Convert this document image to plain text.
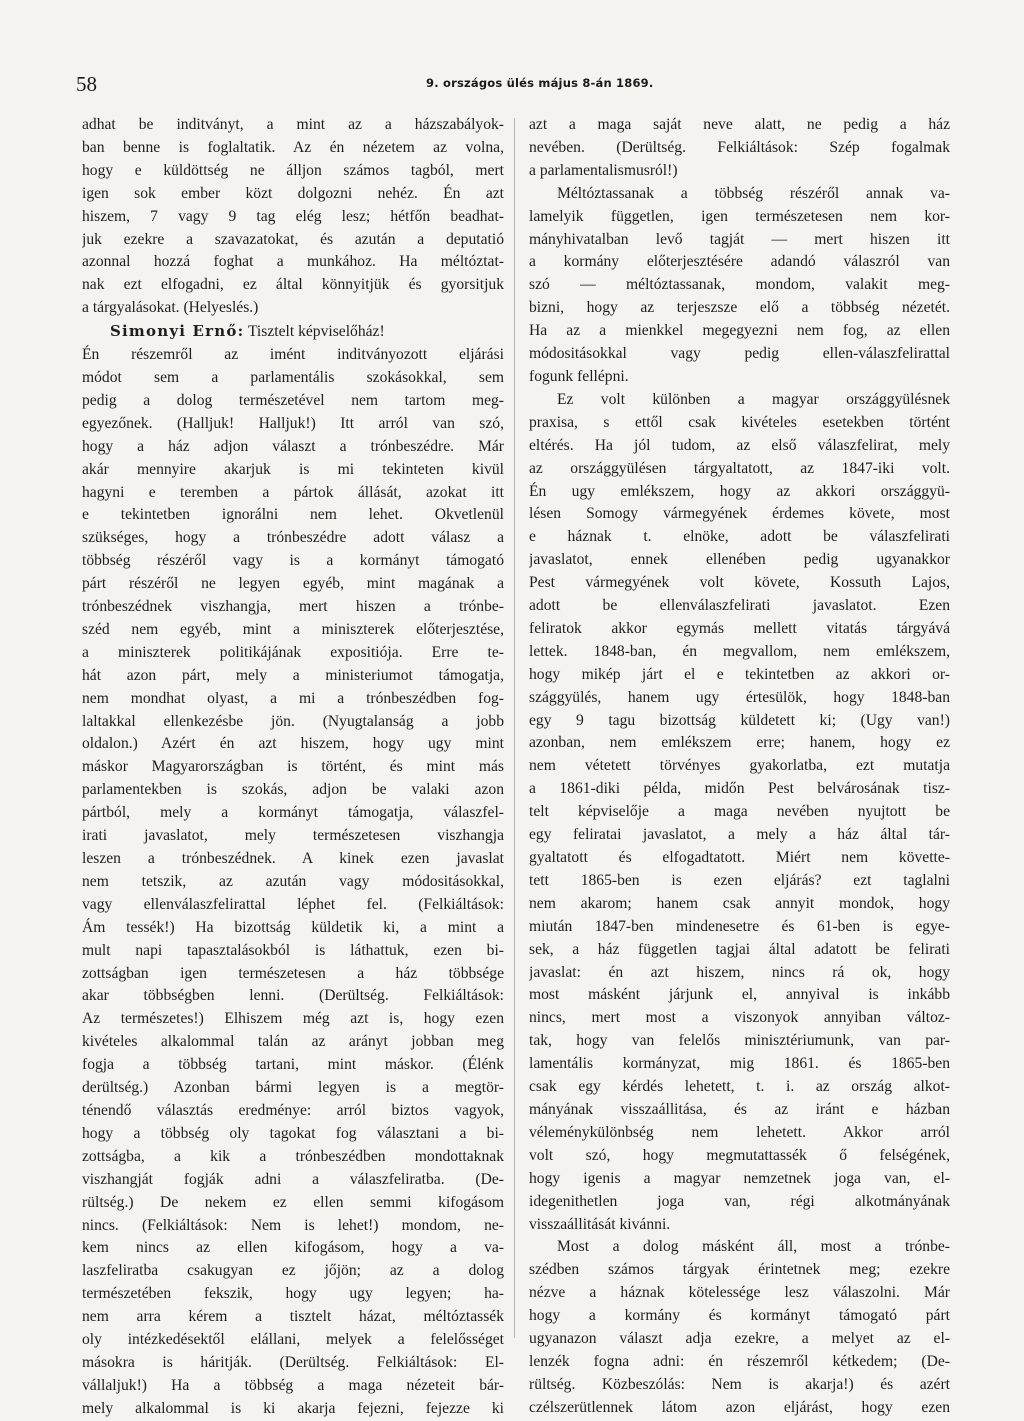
58	9. országos ülés május 8-án 1869.
adhat be inditványt, a mint az a házszabályok-
ban benne is foglaltatik. Az én nézetem az volna,
hogy e küldöttség ne álljon számos tagból, mert
igen sok ember közt dolgozni nehéz. Én azt
hiszem, 7 vagy 9 tag elég lesz; hétfőn beadhat-
juk ezekre a szavazatokat, és azután a deputatió
azonnal hozzá foghat a munkához. Ha méltóztat-
nak ezt elfogadni, ez által könnyitjük és gyorsitjuk
a tárgyalásokat. (Helyeslés.)
Simonyi Ernő: Tisztelt képviselőház!
Én részemről az imént inditványozott eljárási
módot sem a parlamentális szokásokkal, sem
pedig a dolog természetével nem tartom meg-
egyezőnek. (Halljuk! Halljuk!) Itt arról van szó,
hogy a ház adjon választ a trónbeszédre. Már
akár mennyire akarjuk is mi tekinteten kivül
hagyni e teremben a pártok állását, azokat itt
e tekintetben ignorálni nem lehet. Okvetlenül
szükséges, hogy a trónbeszédre adott válasz a
többség részéről vagy is a kormányt támogató
párt részéről ne legyen egyéb, mint magának a
trónbeszédnek viszhangja, mert hiszen a trónbe-
széd nem egyéb, mint a miniszterek előterjesztése,
a miniszterek politikájának expositiója. Erre te-
hát azon párt, mely a ministeriumot támogatja,
nem mondhat olyast, a mi a trónbeszédben fog-
laltakkal ellenkezésbe jön. (Nyugtalanság a jobb
oldalon.) Azért én azt hiszem, hogy ugy mint
máskor Magyarországban is történt, és mint más
parlamentekben is szokás, adjon be valaki azon
pártból, mely a kormányt támogatja, válaszfel-
irati javaslatot, mely természetesen viszhangja
leszen a trónbeszédnek. A kinek ezen javaslat
nem tetszik, az azután vagy módositásokkal,
vagy ellenválaszfelirattal léphet fel. (Felkiáltások:
Ám tessék!) Ha bizottság küldetik ki, a mint a
mult napi tapasztalásokból is láthattuk, ezen bi-
zottságban igen természetesen a ház többsége
akar többségben lenni. (Derültség. Felkiáltások:
Az természetes!) Elhiszem még azt is, hogy ezen
kivételes alkalommal talán az arányt jobban meg
fogja a többség tartani, mint máskor. (Élénk
derültség.) Azonban bármi legyen is a megtör-
ténendő választás eredménye: arról biztos vagyok,
hogy a többség oly tagokat fog választani a bi-
zottságba, a kik a trónbeszédben mondottaknak
viszhangját fogják adni a válaszfeliratba. (De-
rültség.) De nekem ez ellen semmi kifogásom
nincs. (Felkiáltások: Nem is lehet!) mondom, ne-
kem nincs az ellen kifogásom, hogy a va-
laszfeliratba csakugyan ez jőjön; az a dolog
természetében fekszik, hogy ugy legyen; ha-
nem arra kérem a tisztelt házat, méltóztassék
oly intézkedésektől elállani, melyek a felelősséget
másokra is háritják. (Derültség. Felkiáltások: El-
vállaljuk!) Ha a többség a maga nézeteit bár-
mely alkalommal is ki akarja fejezni, fejezze ki
azt a maga saját neve alatt, ne pedig a ház
nevében. (Derültség. Felkiáltások: Szép fogalmak
a parlamentalismusról!)
Méltóztassanak a többség részéről annak va-
lamelyik független, igen természetesen nem kor-
mányhivatalban levő tagját — mert hiszen itt
a kormány előterjesztésére adandó válaszról van
szó — méltóztassanak, mondom, valakit meg-
bizni, hogy az terjeszsze elő a többség nézetét.
Ha az a mienkkel megegyezni nem fog, az ellen
módositásokkal vagy pedig ellen-válaszfelirattal
fogunk fellépni.
Ez volt különben a magyar országgyülésnek
praxisa, s ettől csak kivételes esetekben történt
eltérés. Ha jól tudom, az első válaszfelirat, mely
az országgyülésen tárgyaltatott, az 1847-iki volt.
Én ugy emlékszem, hogy az akkori országgyü-
lésen Somogy vármegyének érdemes követe, most
e háznak t. elnöke, adott be válaszfelirati
javaslatot, ennek ellenében pedig ugyanakkor
Pest vármegyének volt követe, Kossuth Lajos,
adott be ellenválaszfelirati javaslatot. Ezen
feliratok akkor egymás mellett vitatás tárgyává
lettek. 1848-ban, én megvallom, nem emlékszem,
hogy mikép járt el e tekintetben az akkori or-
szággyülés, hanem ugy értesülök, hogy 1848-ban
egy 9 tagu bizottság küldetett ki; (Ugy van!)
azonban, nem emlékszem erre; hanem, hogy ez
nem vétetett törvényes gyakorlatba, ezt mutatja
a 1861-diki példa, midőn Pest belvárosának tisz-
telt képviselője a maga nevében nyujtott be
egy feliratai javaslatot, a mely a ház által tár-
gyaltatott és elfogadtatott. Miért nem követte-
tett 1865-ben is ezen eljárás? ezt taglalni
nem akarom; hanem csak annyit mondok, hogy
miután 1847-ben mindenesetre és 61-ben is egye-
sek, a ház független tagjai által adatott be felirati
javaslat: én azt hiszem, nincs rá ok, hogy
most másként járjunk el, annyival is inkább
nincs, mert most a viszonyok annyiban változ-
tak, hogy van felelős minisztériumunk, van par-
lamentális kormányzat, mig 1861. és 1865-ben
csak egy kérdés lehetett, t. i. az ország alkot-
mányának visszaállitása, és az iránt e házban
véleménykülönbség nem lehetett. Akkor arról
volt szó, hogy megmutattassék ő felségének,
hogy igenis a magyar nemzetnek joga van, el-
idegenithetlen joga van, régi alkotmányának
visszaállitását kivánni.
Most a dolog másként áll, most a trónbe-
szédben számos tárgyak érintetnek meg; ezekre
nézve a háznak kötelessége lesz válaszolni. Már
hogy a kormány és kormányt támogató párt
ugyanazon választ adja ezekre, a melyet az el-
lenzék fogna adni: én részemről kétkedem; (De-
rültség. Közbeszólás: Nem is akarja!) és azért
czélszerütlennek látom azon eljárást, hogy ezen
